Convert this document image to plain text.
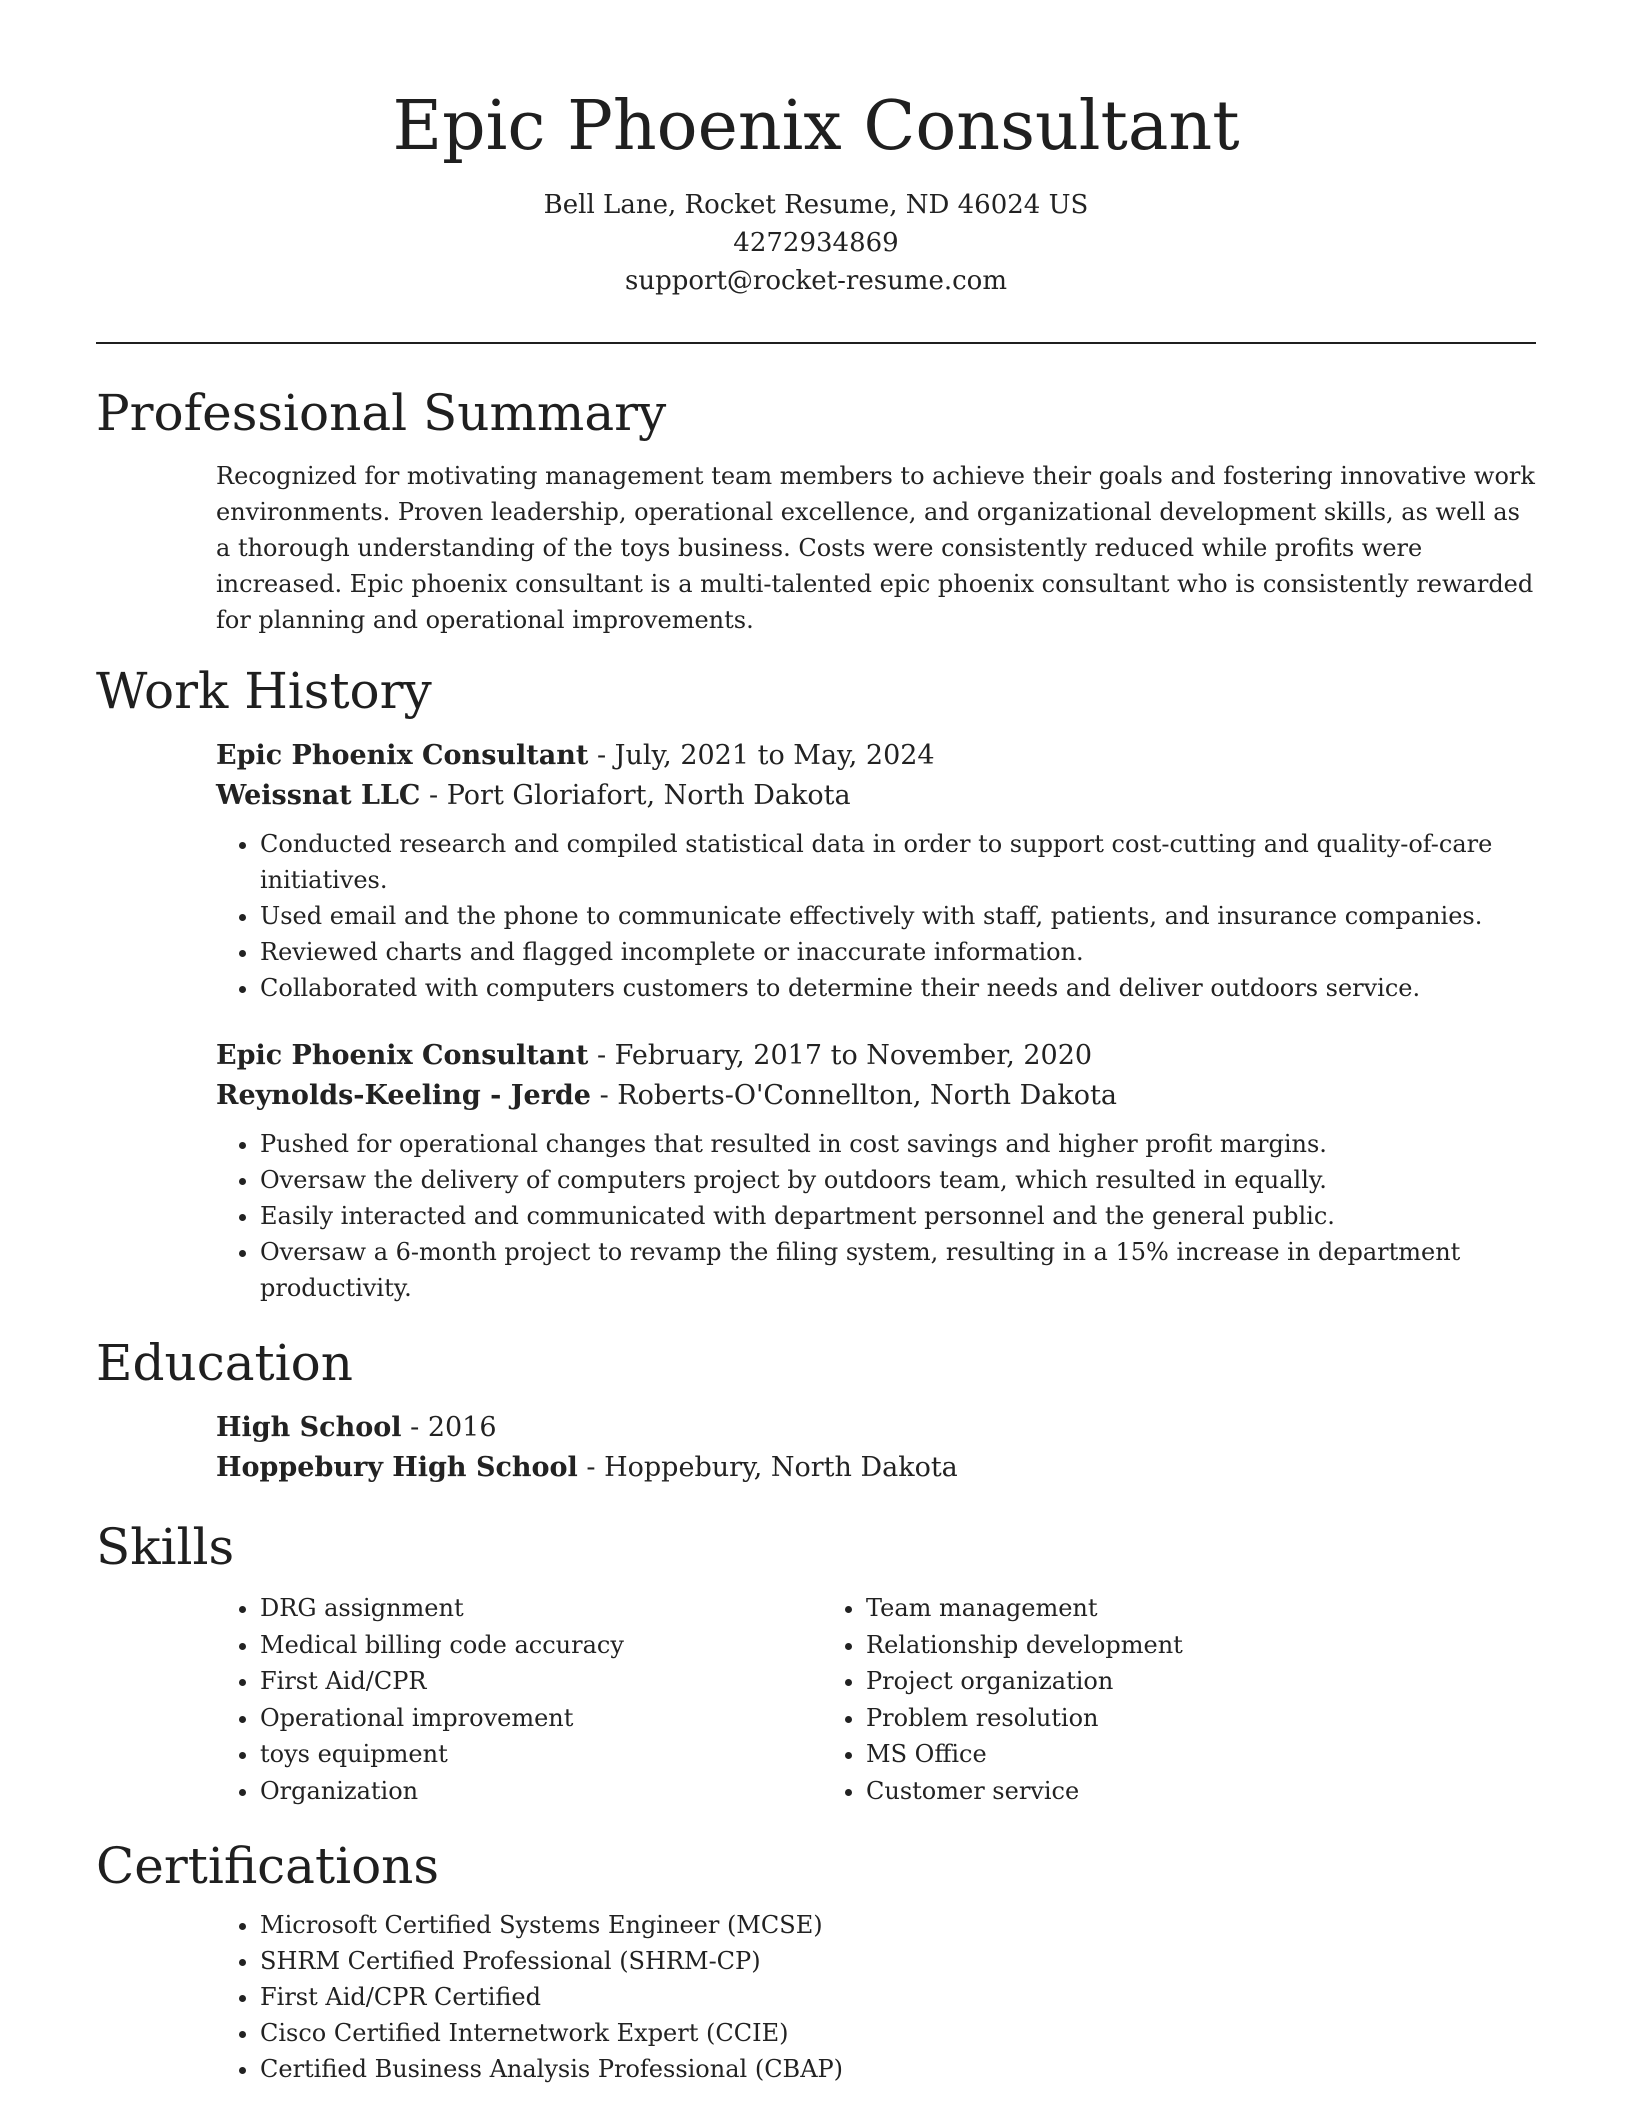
Epic Phoenix Consultant
Bell Lane, Rocket Resume, ND 46024 US
4272934869
support@rocket-resume.com
Professional Summary

Recognized for motivating management team members to achieve their goals and fostering innovative work environments. Proven leadership, operational excellence, and organizational development skills, as well as a thorough understanding of the toys business. Costs were consistently reduced while profits were increased. Epic phoenix consultant is a multi-talented epic phoenix consultant who is consistently rewarded for planning and operational improvements.

Work History
Epic Phoenix Consultant - July, 2021 to May, 2024
Weissnat LLC - Port Gloriafort, North Dakota
• Conducted research and compiled statistical data in order to support cost-cutting and quality-of-care initiatives.
• Used email and the phone to communicate effectively with staff, patients, and insurance companies.
• Reviewed charts and flagged incomplete or inaccurate information.
• Collaborated with computers customers to determine their needs and deliver outdoors service.
Epic Phoenix Consultant - February, 2017 to November, 2020
Reynolds-Keeling - Jerde - Roberts-O'Connellton, North Dakota
• Pushed for operational changes that resulted in cost savings and higher profit margins.
• Oversaw the delivery of computers project by outdoors team, which resulted in equally.
• Easily interacted and communicated with department personnel and the general public.
• Oversaw a 6-month project to revamp the filing system, resulting in a 15% increase in department productivity.
Education
High School - 2016
Hoppebury High School - Hoppebury, North Dakota
Skills
• DRG assignment
• Medical billing code accuracy
• First Aid/CPR
• Operational improvement
• toys equipment
• Organization
• Team management
• Relationship development
• Project organization
• Problem resolution
• MS Office
• Customer service
Certifications
• Microsoft Certified Systems Engineer (MCSE)
• SHRM Certified Professional (SHRM-CP)
• First Aid/CPR Certified
• Cisco Certified Internetwork Expert (CCIE)
• Certified Business Analysis Professional (CBAP)
